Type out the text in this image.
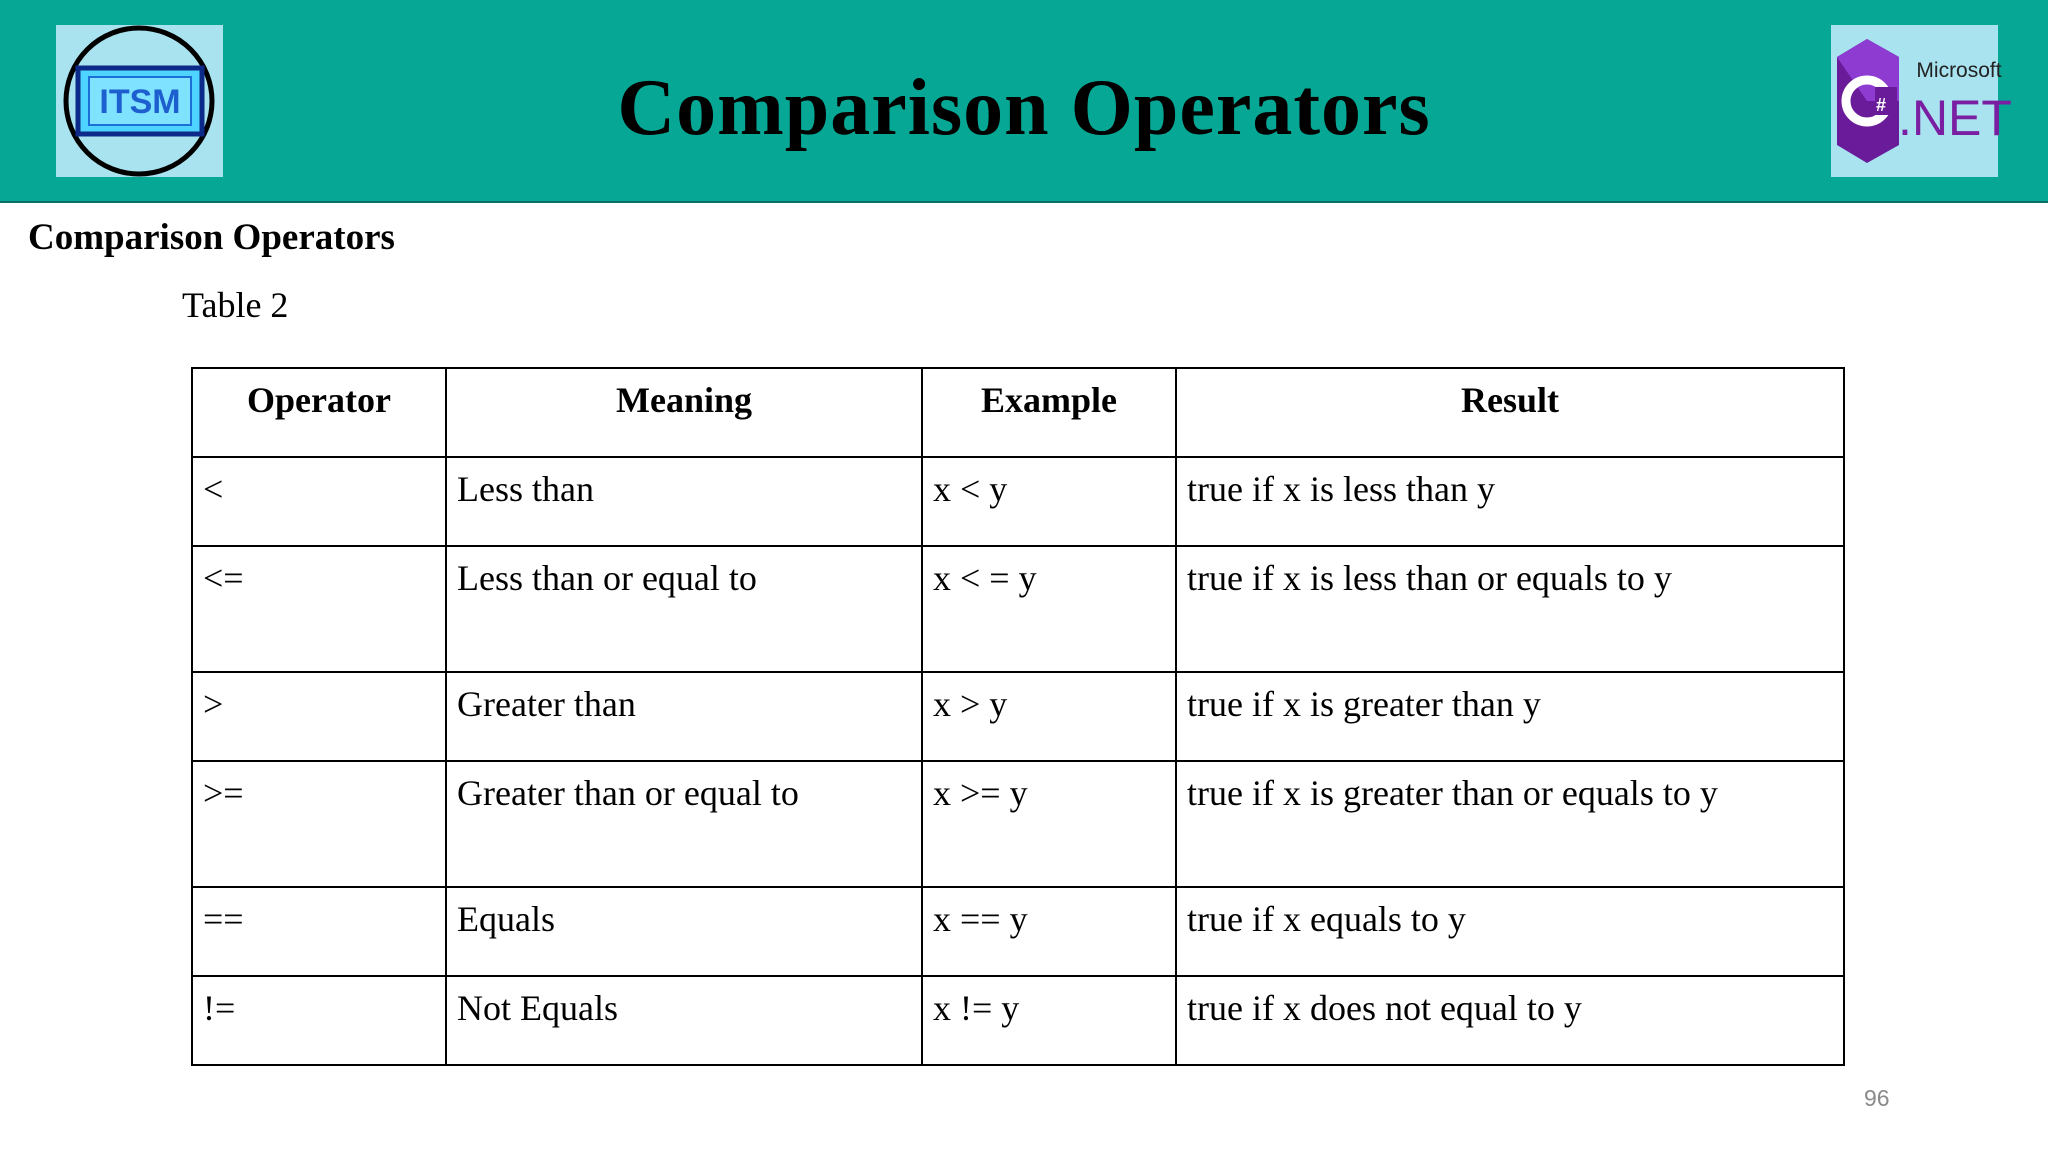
ITSM	Comparison Operators	#
Microsoft
.NET
Comparison Operators
Table 2
Operator	Meaning	Example	Result
<	Less than	x < y	true if x is less than y
<=	Less than or equal to	x < = y	true if x is less than or equals to y
>	Greater than	x > y	true if x is greater than y
>=	Greater than or equal to	x >= y	true if x is greater than or equals to y
==	Equals	x == y	true if x equals to y
!=	Not Equals	x != y	true if x does not equal to y
96
